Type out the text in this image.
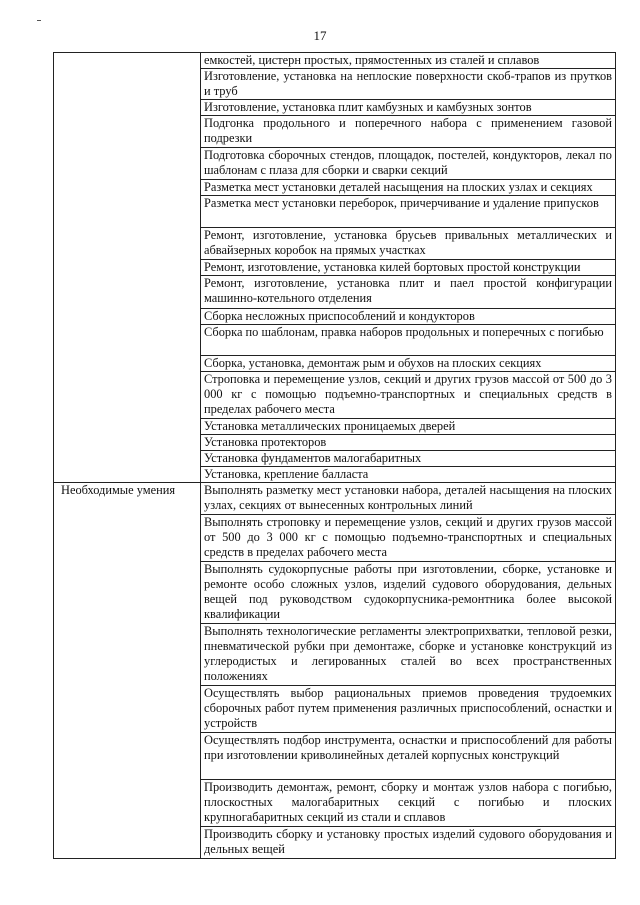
17
	емкостей, цистерн простых, прямостенных из сталей и сплавов
	Изготовление, установка на неплоские поверхности скоб-трапов из прутков и труб
	Изготовление, установка плит камбузных и камбузных зонтов
	Подгонка продольного и поперечного набора с применением газовой подрезки
	Подготовка сборочных стендов, площадок, постелей, кондукторов, лекал по шаблонам с плаза для сборки и сварки секций
	Разметка мест установки деталей насыщения на плоских узлах и секциях
	Разметка мест установки переборок, причерчивание и удаление припусков
	Ремонт, изготовление, установка брусьев привальных металлических и абвайзерных коробок на прямых участках
	Ремонт, изготовление, установка килей бортовых простой конструкции
	Ремонт, изготовление, установка плит и паел простой конфигурации машинно-котельного отделения
	Сборка несложных приспособлений и кондукторов
	Сборка по шаблонам, правка наборов продольных и поперечных с погибью
	Сборка, установка, демонтаж рым и обухов на плоских секциях
	Строповка и перемещение узлов, секций и других грузов массой от 500 до 3 000 кг с помощью подъемно-транспортных и специальных средств в пределах рабочего места
	Установка металлических проницаемых дверей
	Установка протекторов
	Установка фундаментов малогабаритных
	Установка, крепление балласта

Необходимые умения	Выполнять разметку мест установки набора, деталей насыщения на плоских узлах, секциях от вынесенных контрольных линий
	Выполнять строповку и перемещение узлов, секций и других грузов массой от 500 до 3 000 кг с помощью подъемно-транспортных и специальных средств в пределах рабочего места
	Выполнять судокорпусные работы при изготовлении, сборке, установке и ремонте особо сложных узлов, изделий судового оборудования, дельных вещей под руководством судокорпусника-ремонтника более высокой квалификации
	Выполнять технологические регламенты электроприхватки, тепловой резки, пневматической рубки при демонтаже, сборке и установке конструкций из углеродистых и легированных сталей во всех пространственных положениях
	Осуществлять выбор рациональных приемов проведения трудоемких сборочных работ путем применения различных приспособлений, оснастки и устройств
	Осуществлять подбор инструмента, оснастки и приспособлений для работы при изготовлении криволинейных деталей корпусных конструкций
	Производить демонтаж, ремонт, сборку и монтаж узлов набора с погибью, плоскостных малогабаритных секций с погибью и плоских крупногабаритных секций из стали и сплавов
	Производить сборку и установку простых изделий судового оборудования и дельных вещей
